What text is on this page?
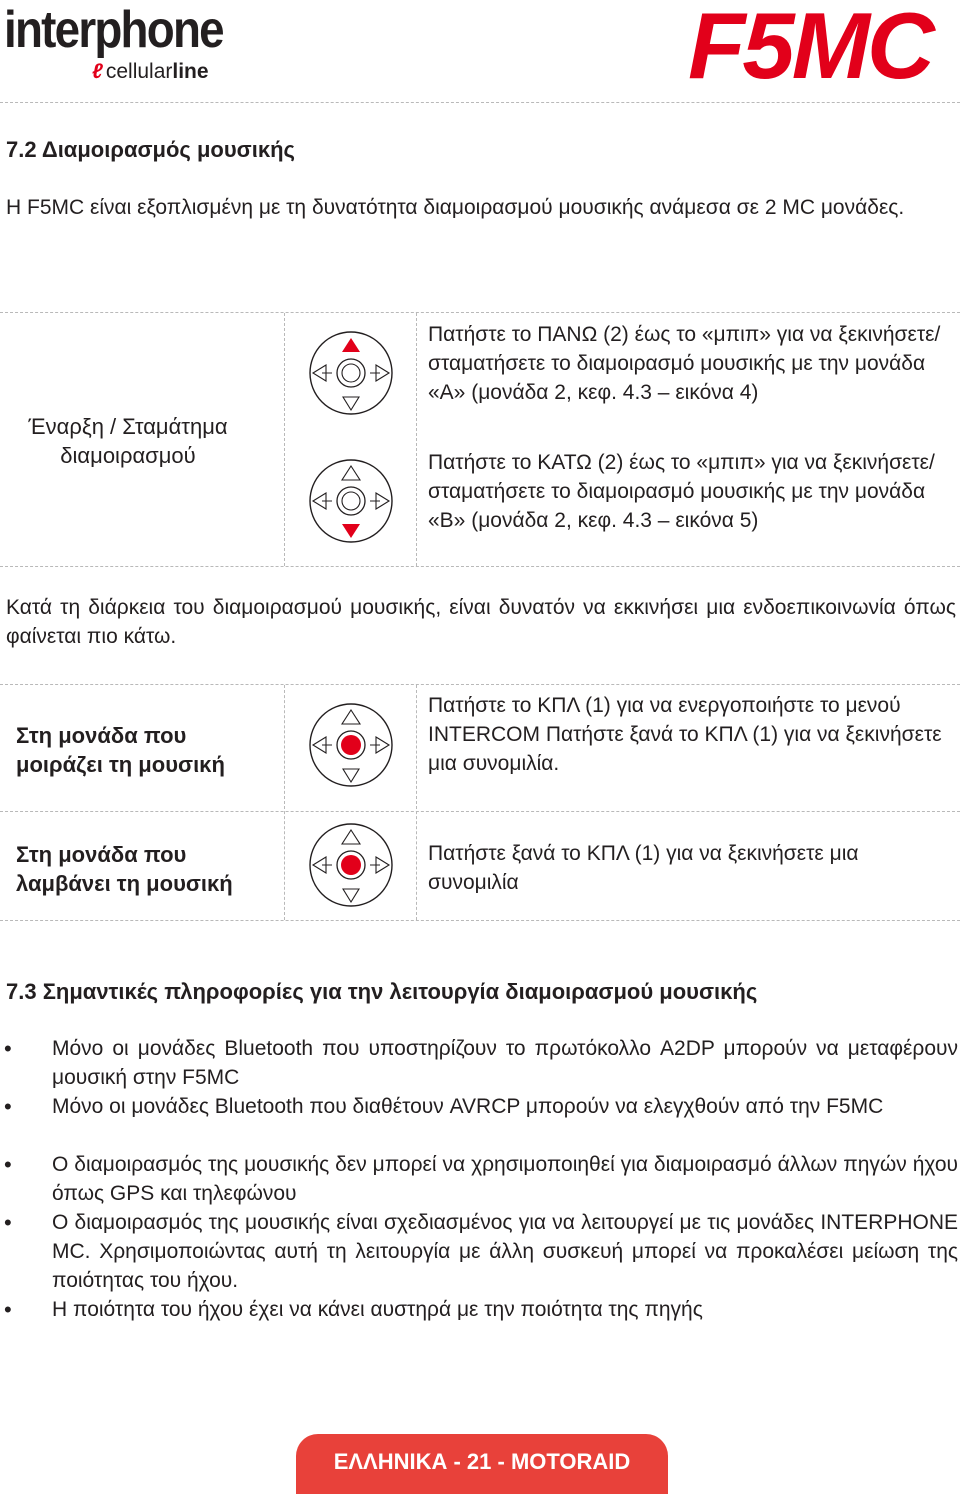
interphone
ℓ cellularline	F5MC
7.2 Διαμοιρασμός μουσικής
Η F5MC είναι εξοπλισμένη με τη δυνατότητα διαμοιρασμού μουσικής ανάμεσα σε 2 MC μονάδες.
Έναρξη / Σταμάτημα διαμοιρασμού
Πατήστε το ΠΑΝΩ (2) έως το «μπιπ» για να ξεκινήσετε/σταματήσετε το διαμοιρασμό μουσικής με την μονάδα «Α» (μονάδα 2, κεφ. 4.3 – εικόνα 4)
Πατήστε το ΚΑΤΩ (2) έως το «μπιπ» για να ξεκινήσετε/σταματήσετε το διαμοιρασμό μουσικής με την μονάδα «B» (μονάδα 2, κεφ. 4.3 – εικόνα 5)
Κατά τη διάρκεια του διαμοιρασμού μουσικής, είναι δυνατόν να εκκινήσει μια ενδοεπικοινωνία όπως φαίνεται πιο κάτω.
Στη μονάδα που μοιράζει τη μουσική
Στη μονάδα που λαμβάνει τη μουσική
Πατήστε το ΚΠΛ (1) για να ενεργοποιήστε το μενού INTERCOM Πατήστε ξανά το ΚΠΛ (1) για να ξεκινήσετε μια συνομιλία.
Πατήστε ξανά το ΚΠΛ (1) για να ξεκινήσετε μια συνομιλία
7.3 Σημαντικές πληροφορίες για την λειτουργία διαμοιρασμού μουσικής
• Μόνο οι μονάδες Bluetooth που υποστηρίζουν το πρωτόκολλο A2DP μπορούν να μεταφέρουν μουσική στην F5MC
• Μόνο οι μονάδες Bluetooth που διαθέτουν AVRCP μπορούν να ελεγχθούν από την F5MC
• Ο διαμοιρασμός της μουσικής δεν μπορεί να χρησιμοποιηθεί για διαμοιρασμό άλλων πηγών ήχου όπως GPS και τηλεφώνου
• Ο διαμοιρασμός της μουσικής είναι σχεδιασμένος για να λειτουργεί με τις μονάδες INTERPHONE MC. Χρησιμοποιώντας αυτή τη λειτουργία με άλλη συσκευή μπορεί να προκαλέσει μείωση της ποιότητας του ήχου.
• Η ποιότητα του ήχου έχει να κάνει αυστηρά με την ποιότητα της πηγής
ΕΛΛΗΝΙΚΑ - 21 - MOTORAID
